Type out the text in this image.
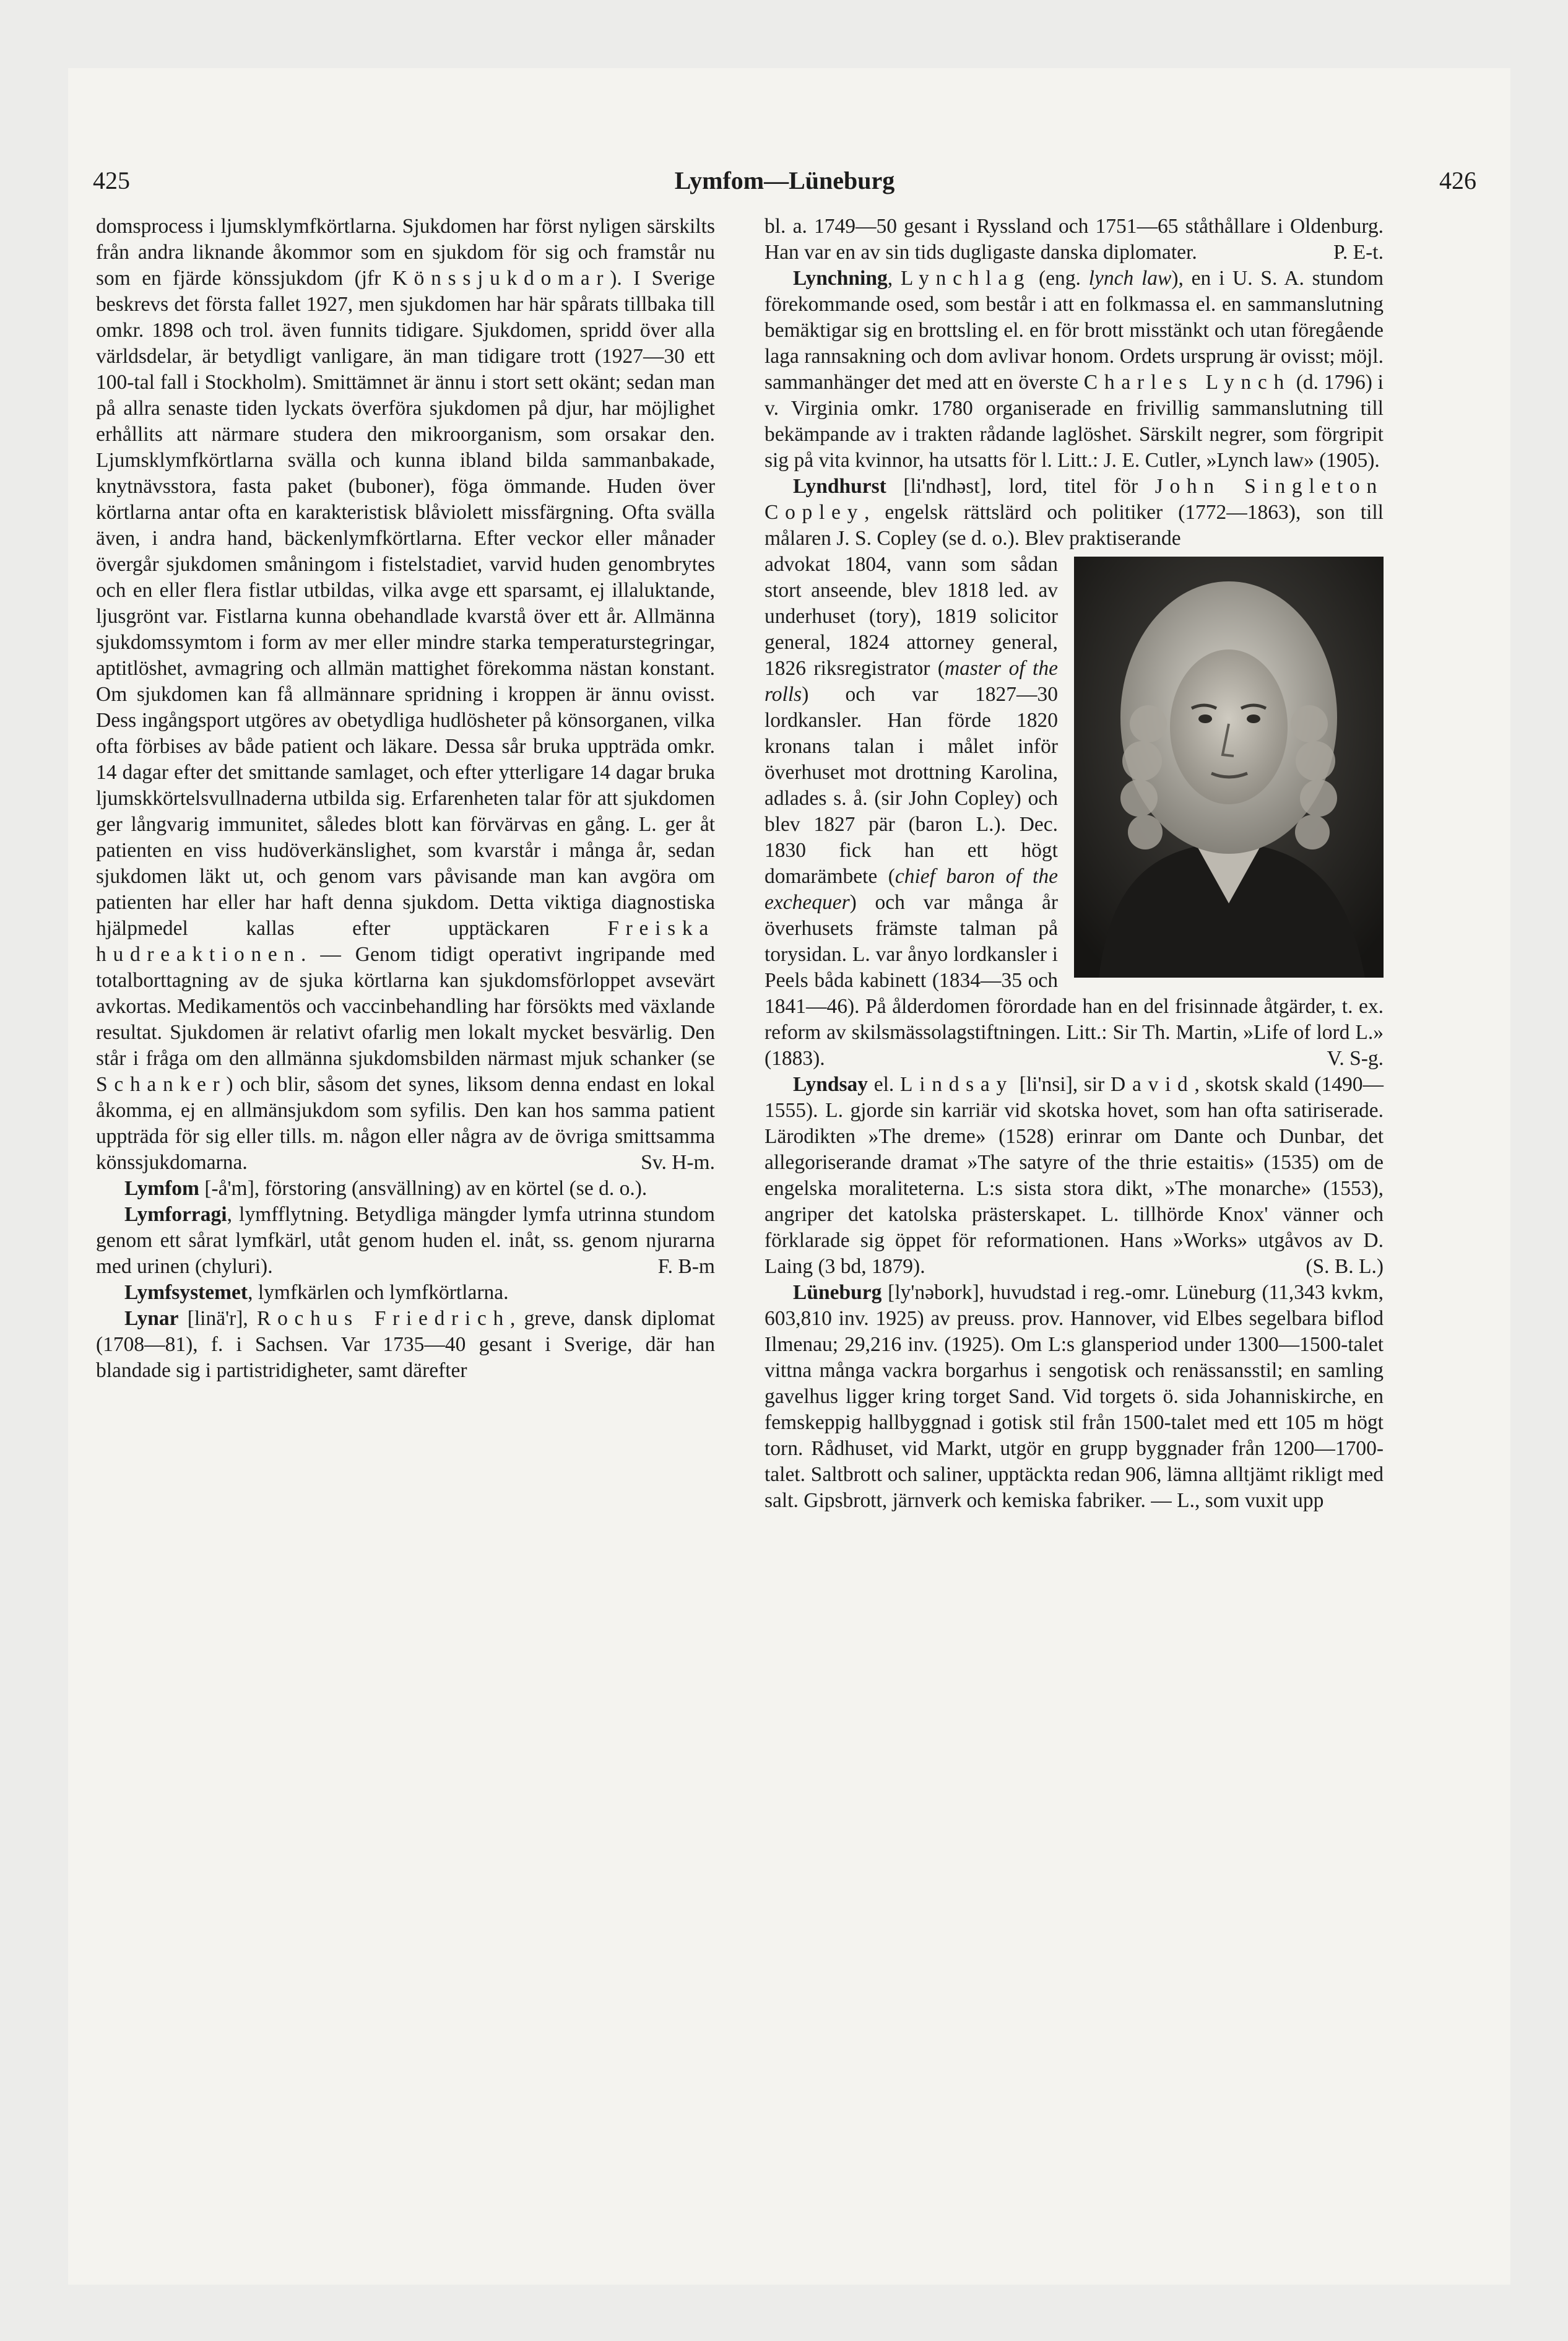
425	Lymfom—Lüneburg	426

domsprocess i ljumsklymfkörtlarna. Sjukdomen har först nyligen särskilts från andra liknande åkommor som en sjukdom för sig och framstår nu som en fjärde könssjukdom (jfr Könssjukdomar). I Sverige beskrevs det första fallet 1927, men sjukdomen har här spårats tillbaka till omkr. 1898 och trol. även funnits tidigare. Sjukdomen, spridd över alla världsdelar, är betydligt vanligare, än man tidigare trott (1927—30 ett 100-tal fall i Stockholm). Smittämnet är ännu i stort sett okänt; sedan man på allra senaste tiden lyckats överföra sjukdomen på djur, har möjlighet erhållits att närmare studera den mikroorganism, som orsakar den. Ljumsklymfkörtlarna svälla och kunna ibland bilda sammanbakade, knytnävsstora, fasta paket (buboner), föga ömmande. Huden över körtlarna antar ofta en karakteristisk blåviolett missfärgning. Ofta svälla även, i andra hand, bäckenlymfkörtlarna. Efter veckor eller månader övergår sjukdomen småningom i fistelstadiet, varvid huden genombrytes och en eller flera fistlar utbildas, vilka avge ett sparsamt, ej illaluktande, ljusgrönt var. Fistlarna kunna obehandlade kvarstå över ett år. Allmänna sjukdomssymtom i form av mer eller mindre starka temperaturstegringar, aptitlöshet, avmagring och allmän mattighet förekomma nästan konstant. Om sjukdomen kan få allmännare spridning i kroppen är ännu ovisst. Dess ingångsport utgöres av obetydliga hudlösheter på könsorganen, vilka ofta förbises av både patient och läkare. Dessa sår bruka uppträda omkr. 14 dagar efter det smittande samlaget, och efter ytterligare 14 dagar bruka ljumskkörtelsvullnaderna utbilda sig. Erfarenheten talar för att sjukdomen ger långvarig immunitet, således blott kan förvärvas en gång. L. ger åt patienten en viss hudöverkänslighet, som kvarstår i många år, sedan sjukdomen läkt ut, och genom vars påvisande man kan avgöra om patienten har eller har haft denna sjukdom. Detta viktiga diagnostiska hjälpmedel kallas efter upptäckaren Freiska hudreaktionen. — Genom tidigt operativt ingripande med totalborttagning av de sjuka körtlarna kan sjukdomsförloppet avsevärt avkortas. Medikamentös och vaccinbehandling har försökts med växlande resultat. Sjukdomen är relativt ofarlig men lokalt mycket besvärlig. Den står i fråga om den allmänna sjukdomsbilden närmast mjuk schanker (se Schanker) och blir, såsom det synes, liksom denna endast en lokal åkomma, ej en allmänsjukdom som syfilis. Den kan hos samma patient uppträda för sig eller tills. m. någon eller några av de övriga smittsamma könssjukdomarna.	Sv. H-m.

Lymfom [-å'm], förstoring (ansvällning) av en körtel (se d. o.).

Lymforragi, lymfflytning. Betydliga mängder lymfa utrinna stundom genom ett sårat lymfkärl, utåt genom huden el. inåt, ss. genom njurarna med urinen (chyluri).	F. B-m

Lymfsystemet, lymfkärlen och lymfkörtlarna.

Lynar [linä'r], Rochus Friedrich, greve, dansk diplomat (1708—81), f. i Sachsen. Var 1735—40 gesant i Sverige, där han blandade sig i partistridigheter, samt därefter

bl. a. 1749—50 gesant i Ryssland och 1751—65 ståthållare i Oldenburg. Han var en av sin tids dugligaste danska diplomater.	P. E-t.

Lynchning, Lynchlag (eng. lynch law), en i U. S. A. stundom förekommande osed, som består i att en folkmassa el. en sammanslutning bemäktigar sig en brottsling el. en för brott misstänkt och utan föregående laga rannsakning och dom avlivar honom. Ordets ursprung är ovisst; möjl. sammanhänger det med att en överste Charles Lynch (d. 1796) i v. Virginia omkr. 1780 organiserade en frivillig sammanslutning till bekämpande av i trakten rådande laglöshet. Särskilt negrer, som förgripit sig på vita kvinnor, ha utsatts för l. Litt.: J. E. Cutler, »Lynch law» (1905).

Lyndhurst [li'ndhəst], lord, titel för John Singleton Copley, engelsk rättslärd och politiker (1772—1863), son till målaren J. S. Copley (se d. o.). Blev praktiserande

advokat 1804, vann som sådan stort anseende, blev 1818 led. av underhuset (tory), 1819 solicitor general, 1824 attorney general, 1826 riksregistrator (master of the rolls) och var 1827—30 lordkansler. Han förde 1820 kronans talan i målet inför överhuset mot drottning Karolina, adlades s. å. (sir John Copley) och blev 1827 pär (baron L.). Dec. 1830 fick han ett högt domarämbete (chief baron of the exchequer) och var många år överhusets främste talman på torysidan. L. var ånyo lordkansler i Peels båda kabinett (1834—35 och 1841—46). På ålderdomen förordade han en del frisinnade åtgärder, t. ex. reform av skilsmässolagstiftningen. Litt.: Sir Th. Martin, »Life of lord L.» (1883).	V. S-g.

Lyndsay el. Lindsay [li'nsi], sir David, skotsk skald (1490—1555). L. gjorde sin karriär vid skotska hovet, som han ofta satiriserade. Lärodikten »The dreme» (1528) erinrar om Dante och Dunbar, det allegoriserande dramat »The satyre of the thrie estaitis» (1535) om de engelska moraliteterna. L:s sista stora dikt, »The monarche» (1553), angriper det katolska prästerskapet. L. tillhörde Knox' vänner och förklarade sig öppet för reformationen. Hans »Works» utgåvos av D. Laing (3 bd, 1879).	(S. B. L.)

Lüneburg [ly'nəbork], huvudstad i reg.-omr. Lüneburg (11,343 kvkm, 603,810 inv. 1925) av preuss. prov. Hannover, vid Elbes segelbara biflod Ilmenau; 29,216 inv. (1925). Om L:s glansperiod under 1300—1500-talet vittna många vackra borgarhus i sengotisk och renässansstil; en samling gavelhus ligger kring torget Sand. Vid torgets ö. sida Johanniskirche, en femskeppig hallbyggnad i gotisk stil från 1500-talet med ett 105 m högt torn. Rådhuset, vid Markt, utgör en grupp byggnader från 1200—1700-talet. Saltbrott och saliner, upptäckta redan 906, lämna alltjämt rikligt med salt. Gipsbrott, järnverk och kemiska fabriker. — L., som vuxit upp
